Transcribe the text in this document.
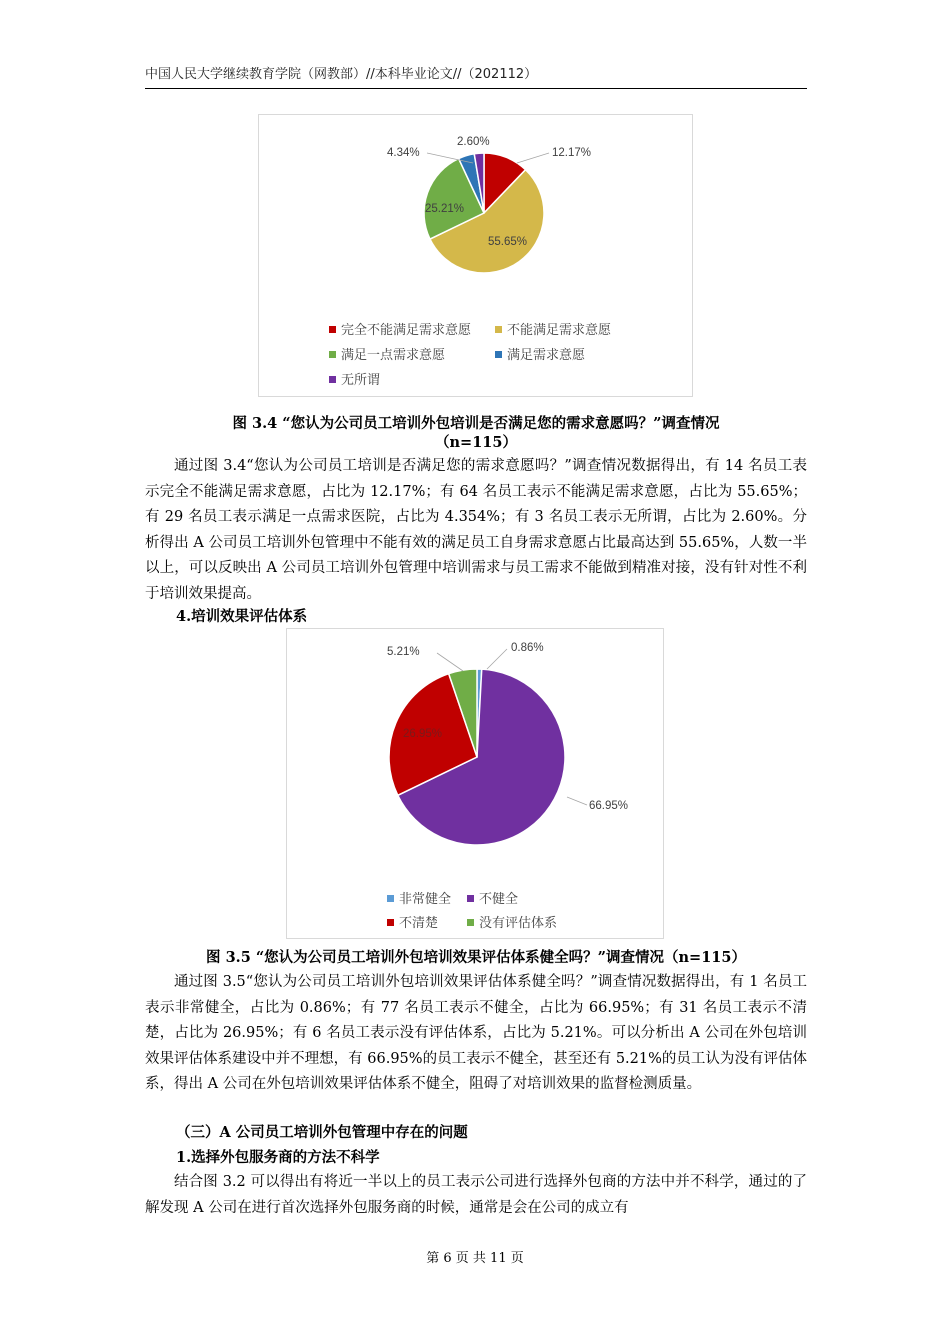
中国人民大学继续教育学院（网教部）//本科毕业论文//（202112）
12.17%
55.65%
25.21%
4.34%
2.60%
完全不能满足需求意愿	不能满足需求意愿
满足一点需求意愿	满足需求意愿
无所谓
图 3.4 “您认为公司员工培训外包培训是否满足您的需求意愿吗？”调查情况
（n=115）

通过图 3.4“您认为公司员工培训是否满足您的需求意愿吗？”调查情况数据得出，有 14 名员工表示完全不能满足需求意愿，占比为 12.17%；有 64 名员工表示不能满足需求意愿，占比为 55.65%；有 29 名员工表示满足一点需求医院，占比为 4.354%；有 3 名员工表示无所谓，占比为 2.60%。分析得出 A 公司员工培训外包管理中不能有效的满足员工自身需求意愿占比最高达到 55.65%，人数一半以上，可以反映出 A 公司员工培训外包管理中培训需求与员工需求不能做到精准对接，没有针对性不利于培训效果提高。

4.培训效果评估体系

0.86%
66.95%
26.95%
5.21%
非常健全 不健全
不清楚	没有评估体系
图 3.5 “您认为公司员工培训外包培训效果评估体系健全吗？”调查情况（n=115）

通过图 3.5“您认为公司员工培训外包培训效果评估体系健全吗？”调查情况数据得出，有 1 名员工表示非常健全，占比为 0.86%；有 77 名员工表示不健全，占比为 66.95%；有 31 名员工表示不清楚，占比为 26.95%；有 6 名员工表示没有评估体系，占比为 5.21%。可以分析出 A 公司在外包培训效果评估体系建设中并不理想，有 66.95%的员工表示不健全，甚至还有 5.21%的员工认为没有评估体系，得出 A 公司在外包培训效果评估体系不健全，阻碍了对培训效果的监督检测质量。

（三）A 公司员工培训外包管理中存在的问题

1.选择外包服务商的方法不科学

结合图 3.2 可以得出有将近一半以上的员工表示公司进行选择外包商的方法中并不科学，通过的了解发现 A 公司在进行首次选择外包服务商的时候，通常是会在公司的成立有

第 6 页 共 11 页
